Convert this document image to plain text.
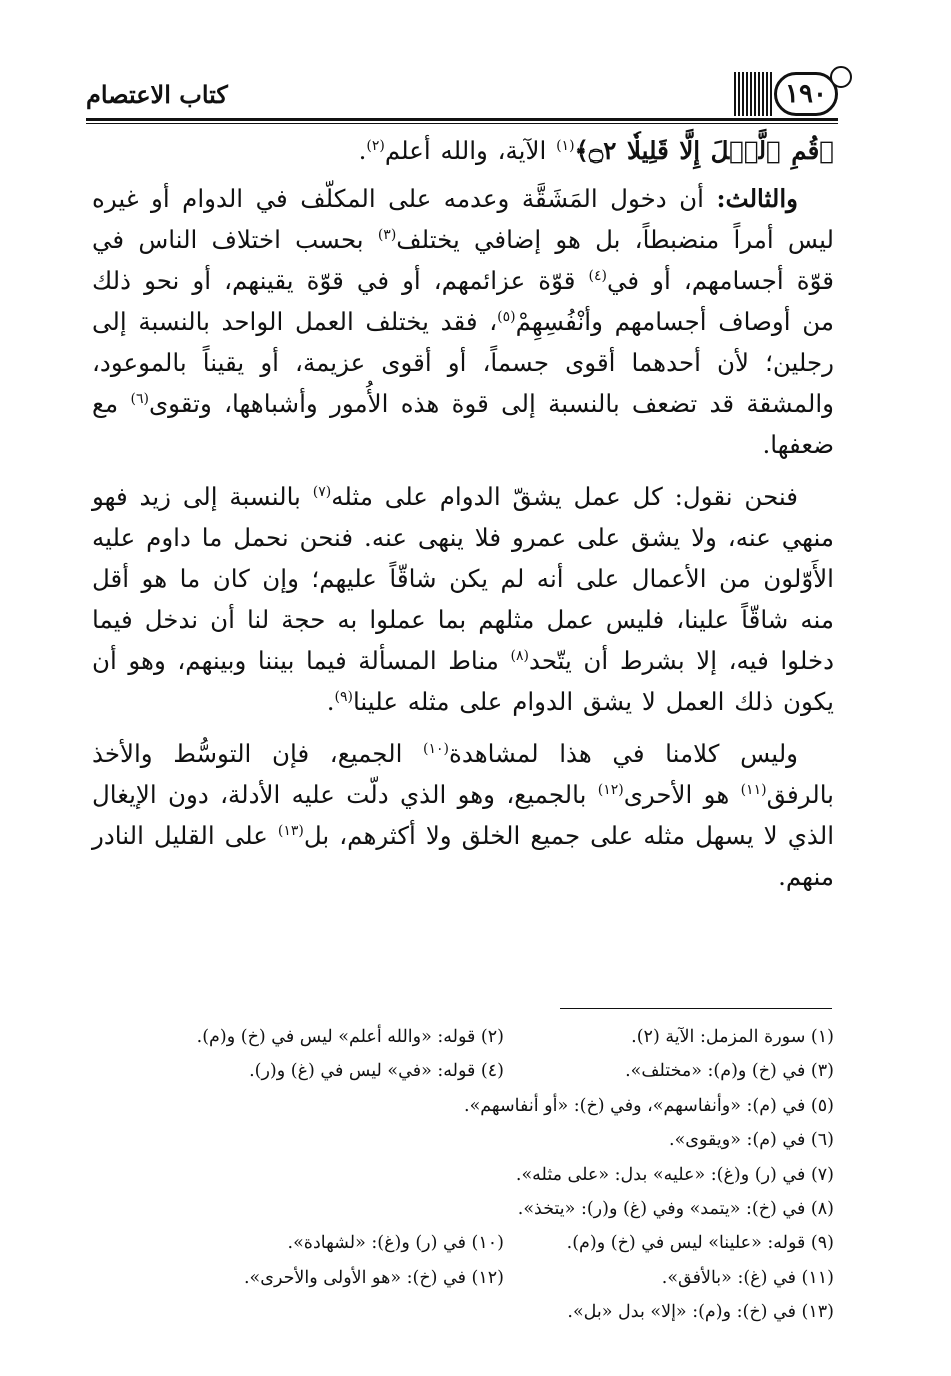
كتاب الاعتصام	١٩٠

﴿قُمِ ٱلَّيۡلَ إِلَّا قَلِيلٗا ۝٢﴾$^{(١)}$ الآية، والله أعلم$^{(٢)}$.

والثالث: أن دخول المَشَقَّة وعدمه على المكلّف في الدوام أو غيره ليس أمراً منضبطاً، بل هو إضافي يختلف$^{(٣)}$ بحسب اختلاف الناس في قوّة أجسامهم، أو في$^{(٤)}$ قوّة عزائمهم، أو في قوّة يقينهم، أو نحو ذلك من أوصاف أجسامهم وأنْفُسِهِمْ$^{(٥)}$، فقد يختلف العمل الواحد بالنسبة إلى رجلين؛ لأن أحدهما أقوى جسماً، أو أقوى عزيمة، أو يقيناً بالموعود، والمشقة قد تضعف بالنسبة إلى قوة هذه الأُمور وأشباهها، وتقوى$^{(٦)}$ مع ضعفها.

فنحن نقول: كل عمل يشقّ الدوام على مثله$^{(٧)}$ بالنسبة إلى زيد فهو منهي عنه، ولا يشق على عمرو فلا ينهى عنه. فنحن نحمل ما داوم عليه الأَوّلون من الأعمال على أنه لم يكن شاقّاً عليهم؛ وإن كان ما هو أقل منه شاقّاً علينا، فليس عمل مثلهم بما عملوا به حجة لنا أن ندخل فيما دخلوا فيه، إلا بشرط أن يتّحد$^{(٨)}$ مناط المسألة فيما بيننا وبينهم، وهو أن يكون ذلك العمل لا يشق الدوام على مثله علينا$^{(٩)}$.

وليس كلامنا في هذا لمشاهدة$^{(١٠)}$ الجميع، فإن التوسُّط والأخذ بالرفق$^{(١١)}$ هو الأحرى$^{(١٢)}$ بالجميع، وهو الذي دلّت عليه الأدلة، دون الإيغال الذي لا يسهل مثله على جميع الخلق ولا أكثرهم، بل$^{(١٣)}$ على القليل النادر منهم.

(١) سورة المزمل: الآية (٢).
(٢) قوله: «والله أعلم» ليس في (خ) و(م).
(٣) في (خ) و(م): «مختلف».
(٤) قوله: «في» ليس في (غ) و(ر).
(٥) في (م): «وأنفاسهم»، وفي (خ): «أو أنفاسهم».
(٦) في (م): «ويقوى».
(٧) في (ر) و(غ): «عليه» بدل: «على مثله».
(٨) في (خ): «يتمد» وفي (غ) و(ر): «يتخذ».
(٩) قوله: «علينا» ليس في (خ) و(م).
(١٠) في (ر) و(غ): «لشهادة».
(١١) في (غ): «بالأفق».
(١٢) في (خ): «هو الأولى والأحرى».
(١٣) في (خ): و(م): «إلا» بدل «بل».
